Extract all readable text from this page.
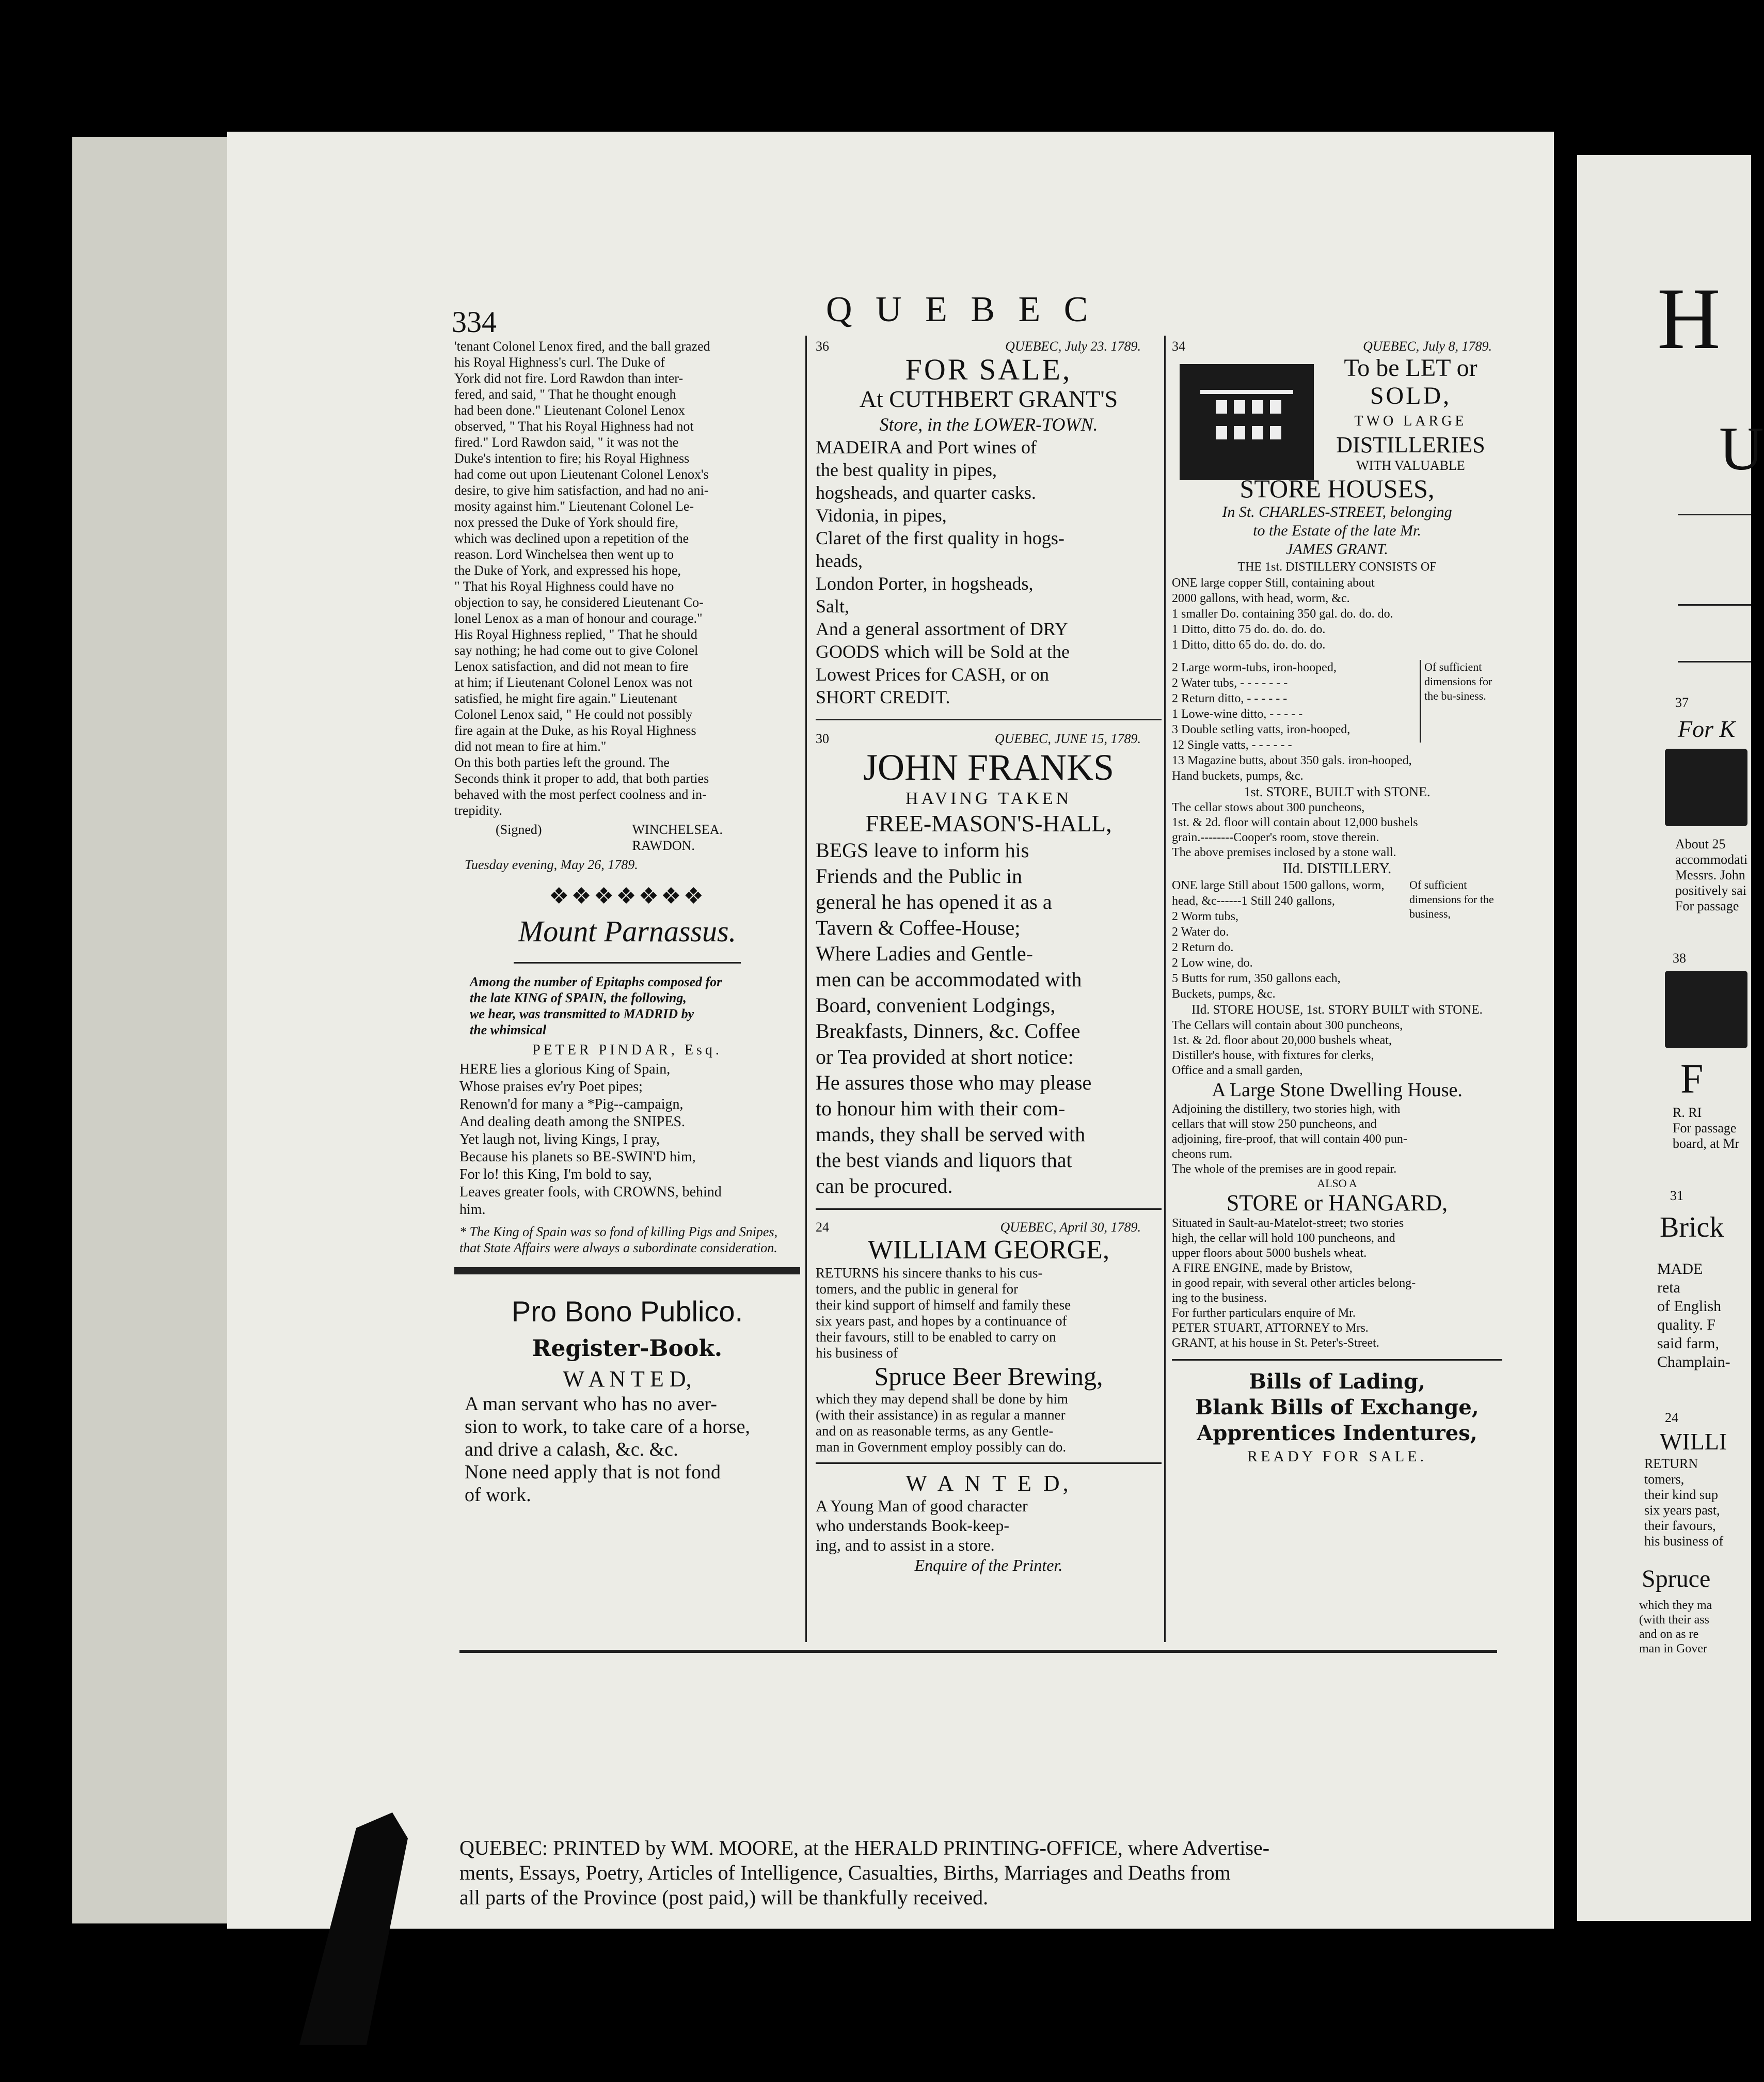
334	Q U E B E C
'tenant Colonel Lenox fired, and the ball grazed
his Royal Highness's curl. The Duke of
York did not fire. Lord Rawdon than inter-
fered, and said, " That he thought enough
had been done." Lieutenant Colonel Lenox
observed, " That his Royal Highness had not
fired." Lord Rawdon said, " it was not the
Duke's intention to fire; his Royal Highness
had come out upon Lieutenant Colonel Lenox's
desire, to give him satisfaction, and had no ani-
mosity against him." Lieutenant Colonel Le-
nox pressed the Duke of York should fire,
which was declined upon a repetition of the
reason. Lord Winchelsea then went up to
the Duke of York, and expressed his hope,
" That his Royal Highness could have no
objection to say, he considered Lieutenant Co-
lonel Lenox as a man of honour and courage."
His Royal Highness replied, " That he should
say nothing; he had come out to give Colonel
Lenox satisfaction, and did not mean to fire
at him; if Lieutenant Colonel Lenox was not
satisfied, he might fire again." Lieutenant
Colonel Lenox said, " He could not possibly
fire again at the Duke, as his Royal Highness
did not mean to fire at him."
On this both parties left the ground. The
Seconds think it proper to add, that both parties
behaved with the most perfect coolness and in-
trepidity.
(Signed)	WINCHELSEA.
RAWDON.
Tuesday evening, May 26, 1789.
❖❖❖❖❖❖❖
Mount Parnassus.
Among the number of Epitaphs composed for
the late KING of SPAIN, the following,
we hear, was transmitted to MADRID by
the whimsical
PETER PINDAR, Esq.
HERE lies a glorious King of Spain,
Whose praises ev'ry Poet pipes;
Renown'd for many a *Pig--campaign,
And dealing death among the SNIPES.
Yet laugh not, living Kings, I pray,
Because his planets so BE-SWIN'D him,
For lo! this King, I'm bold to say,
Leaves greater fools, with CROWNS, behind
him.
* The King of Spain was so fond of killing Pigs and Snipes, that State Affairs were always a subordinate consideration.
Pro Bono Publico.
Register-Book.
W A N T E D,
A man servant who has no aver-
sion to work, to take care of a horse,
and drive a calash, &c. &c.
None need apply that is not fond
of work.
36	QUEBEC, July 23. 1789.
FOR SALE,
At CUTHBERT GRANT'S
Store, in the LOWER-TOWN.
MADEIRA and Port wines of
the best quality in pipes,
hogsheads, and quarter casks.
Vidonia, in pipes,
Claret of the first quality in hogs-
heads,
London Porter, in hogsheads,
Salt,
And a general assortment of DRY
GOODS which will be Sold at the
Lowest Prices for CASH, or on
SHORT CREDIT.
30	QUEBEC, JUNE 15, 1789.
JOHN FRANKS
HAVING TAKEN
FREE-MASON'S-HALL,
BEGS leave to inform his
Friends and the Public in
general he has opened it as a
Tavern & Coffee-House;
Where Ladies and Gentle-
men can be accommodated with
Board, convenient Lodgings,
Breakfasts, Dinners, &c. Coffee
or Tea provided at short notice:
He assures those who may please
to honour him with their com-
mands, they shall be served with
the best viands and liquors that
can be procured.
24	QUEBEC, April 30, 1789.
WILLIAM GEORGE,
RETURNS his sincere thanks to his cus-
tomers, and the public in general for
their kind support of himself and family these
six years past, and hopes by a continuance of
their favours, still to be enabled to carry on
his business of
Spruce Beer Brewing,
which they may depend shall be done by him
(with their assistance) in as regular a manner
and on as reasonable terms, as any Gentle-
man in Government employ possibly can do.
W A N T E D,
A Young Man of good character
who understands Book-keep-
ing, and to assist in a store.
Enquire of the Printer.
34	QUEBEC, July 8, 1789.
To be LET or
SOLD,
TWO LARGE
DISTILLERIES
WITH VALUABLE
STORE HOUSES,
In St. CHARLES-STREET, belonging
to the Estate of the late Mr.
JAMES GRANT.
THE 1st. DISTILLERY CONSISTS OF
ONE large copper Still, containing about
2000 gallons, with head, worm, &c.
1 smaller Do. containing 350 gal. do. do. do.
1 Ditto, ditto 75 do. do. do. do.
1 Ditto, ditto 65 do. do. do. do.
2 Large worm-tubs, iron-hooped,
2 Water tubs, - - - - - - -
2 Return ditto, - - - - - -
1 Lowe-wine ditto, - - - - -
3 Double setling vatts, iron-hooped,
12 Single vatts, - - - - - -
13 Magazine butts, about 350 gals. iron-hooped,
Hand buckets, pumps, &c.
Of sufficient dimensions for the bu-siness.
1st. STORE, BUILT with STONE.
The cellar stows about 300 puncheons,
1st. & 2d. floor will contain about 12,000 bushels
grain.--------Cooper's room, stove therein.
The above premises inclosed by a stone wall.
IId. DISTILLERY.
ONE large Still about 1500 gallons, worm,
head, &c------1 Still 240 gallons,
2 Worm tubs,
2 Water do.
2 Return do.
2 Low wine, do.
5 Butts for rum, 350 gallons each,
Buckets, pumps, &c.
Of sufficient dimensions for the business,
IId. STORE HOUSE, 1st. STORY BUILT with STONE.
The Cellars will contain about 300 puncheons,
1st. & 2d. floor about 20,000 bushels wheat,
Distiller's house, with fixtures for clerks,
Office and a small garden,
A Large Stone Dwelling House.
Adjoining the distillery, two stories high, with
cellars that will stow 250 puncheons, and
adjoining, fire-proof, that will contain 400 pun-
cheons rum.
The whole of the premises are in good repair.
ALSO A
STORE or HANGARD,
Situated in Sault-au-Matelot-street; two stories
high, the cellar will hold 100 puncheons, and
upper floors about 5000 bushels wheat.
A FIRE ENGINE, made by Bristow,
in good repair, with several other articles belong-
ing to the business.
For further particulars enquire of Mr.
PETER STUART, ATTORNEY to Mrs.
GRANT, at his house in St. Peter's-Street.
Bills of Lading,
Blank Bills of Exchange,
Apprentices Indentures,
READY FOR SALE.
QUEBEC: PRINTED by WM. MOORE, at the HERALD PRINTING-OFFICE, where Advertise-
ments, Essays, Poetry, Articles of Intelligence, Casualties, Births, Marriages and Deaths from
all parts of the Province (post paid,) will be thankfully received.
H
U
37
For K
About 25
accommodati
Messrs. John
positively sai
For passage
38
F
R. RI
For passage
board, at Mr
31
Brick
MADE
reta
of English
quality. F
said farm,
Champlain-
24
WILLI
RETURN
tomers,
their kind sup
six years past,
their favours,
his business of
Spruce
which they ma
(with their ass
and on as re
man in Gover
